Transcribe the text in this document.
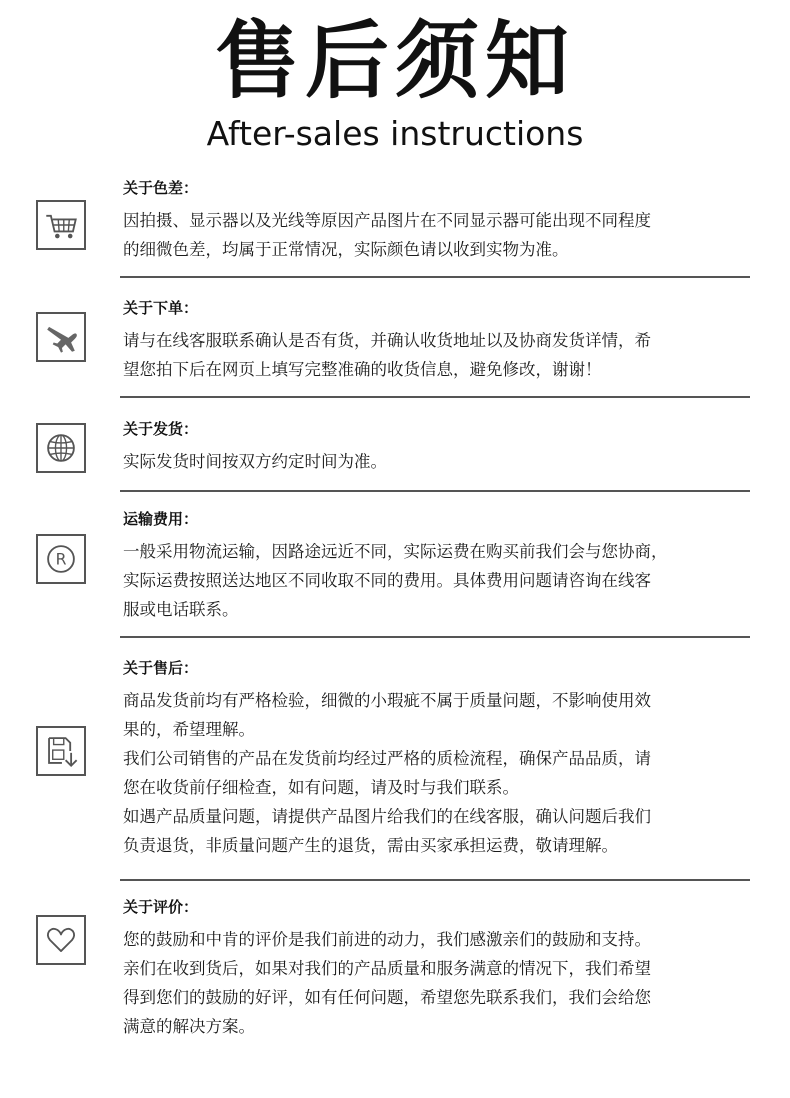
售后须知
After-sales instructions
关于色差：
因拍摄、显示器以及光线等原因产品图片在不同显示器可能出现不同程度
的细微色差，均属于正常情况，实际颜色请以收到实物为准。
关于下单：
请与在线客服联系确认是否有货，并确认收货地址以及协商发货详情，希
望您拍下后在网页上填写完整准确的收货信息，避免修改，谢谢！
关于发货：
实际发货时间按双方约定时间为准。
R
运输费用：
一般采用物流运输，因路途远近不同，实际运费在购买前我们会与您协商，
实际运费按照送达地区不同收取不同的费用。具体费用问题请咨询在线客
服或电话联系。
关于售后：
商品发货前均有严格检验，细微的小瑕疵不属于质量问题，不影响使用效
果的，希望理解。
我们公司销售的产品在发货前均经过严格的质检流程，确保产品品质，请
您在收货前仔细检查，如有问题，请及时与我们联系。
如遇产品质量问题，请提供产品图片给我们的在线客服，确认问题后我们
负责退货，非质量问题产生的退货，需由买家承担运费，敬请理解。
关于评价：
您的鼓励和中肯的评价是我们前进的动力，我们感激亲们的鼓励和支持。
亲们在收到货后，如果对我们的产品质量和服务满意的情况下，我们希望
得到您们的鼓励的好评，如有任何问题，希望您先联系我们，我们会给您
满意的解决方案。
